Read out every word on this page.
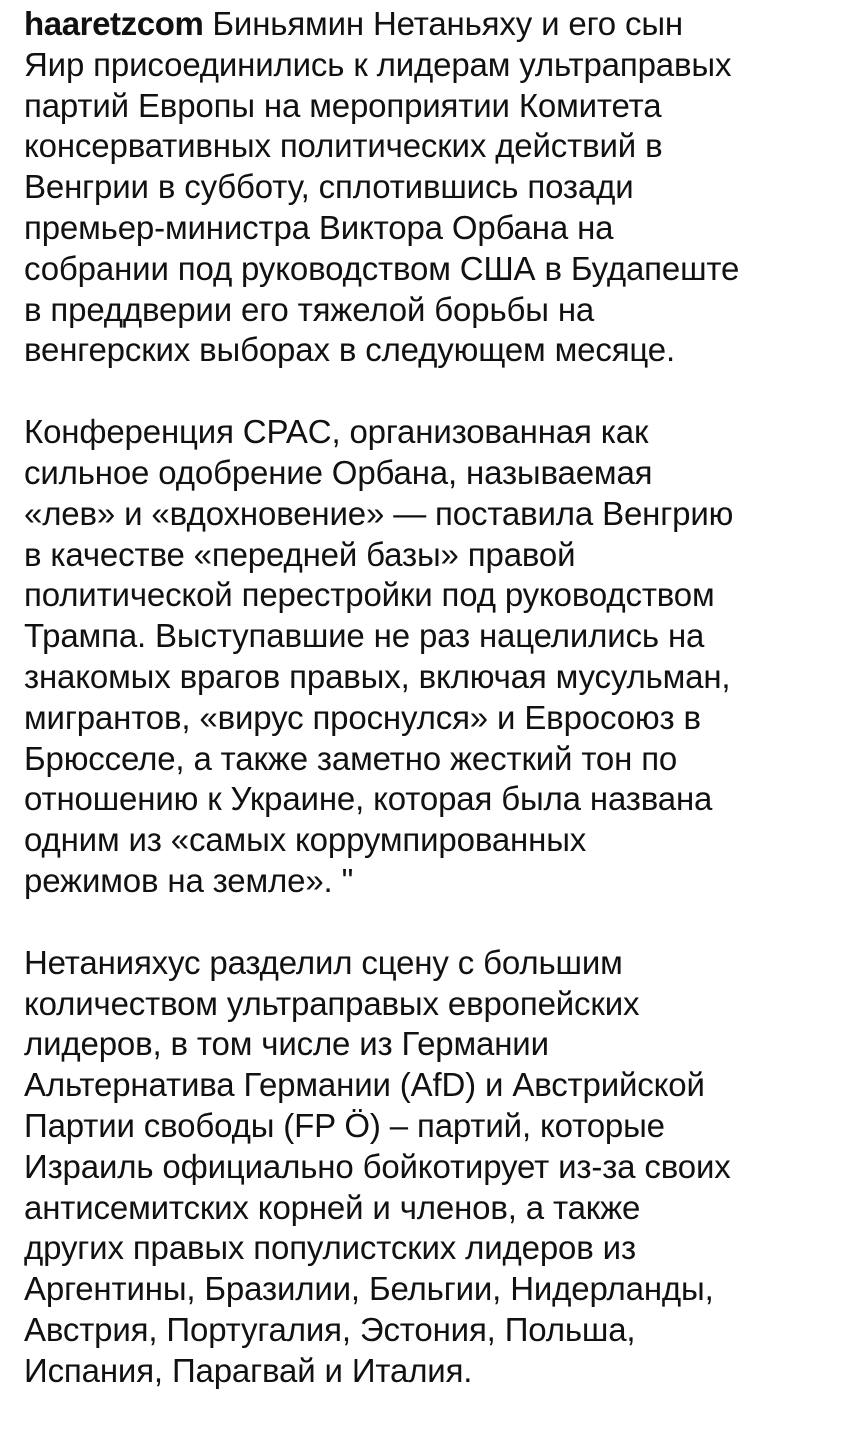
haaretzcom Биньямин Нетаньяху и его сын
Яир присоединились к лидерам ультраправых
партий Европы на мероприятии Комитета
консервативных политических действий в
Венгрии в субботу, сплотившись позади
премьер-министра Виктора Орбана на
собрании под руководством США в Будапеште
в преддверии его тяжелой борьбы на
венгерских выборах в следующем месяце.

Конференция CPAC, организованная как
сильное одобрение Орбана, называемая
«лев» и «вдохновение» — поставила Венгрию
в качестве «передней базы» правой
политической перестройки под руководством
Трампа. Выступавшие не раз нацелились на
знакомых врагов правых, включая мусульман,
мигрантов, «вирус проснулся» и Евросоюз в
Брюсселе, а также заметно жесткий тон по
отношению к Украине, которая была названа
одним из «самых коррумпированных
режимов на земле». "

Нетанияхус разделил сцену с большим
количеством ультраправых европейских
лидеров, в том числе из Германии
Альтернатива Германии (AfD) и Австрийской
Партии свободы (FP Ö) – партий, которые
Израиль официально бойкотирует из-за своих
антисемитских корней и членов, а также
других правых популистских лидеров из
Аргентины, Бразилии, Бельгии, Нидерланды,
Австрия, Португалия, Эстония, Польша,
Испания, Парагвай и Италия.
